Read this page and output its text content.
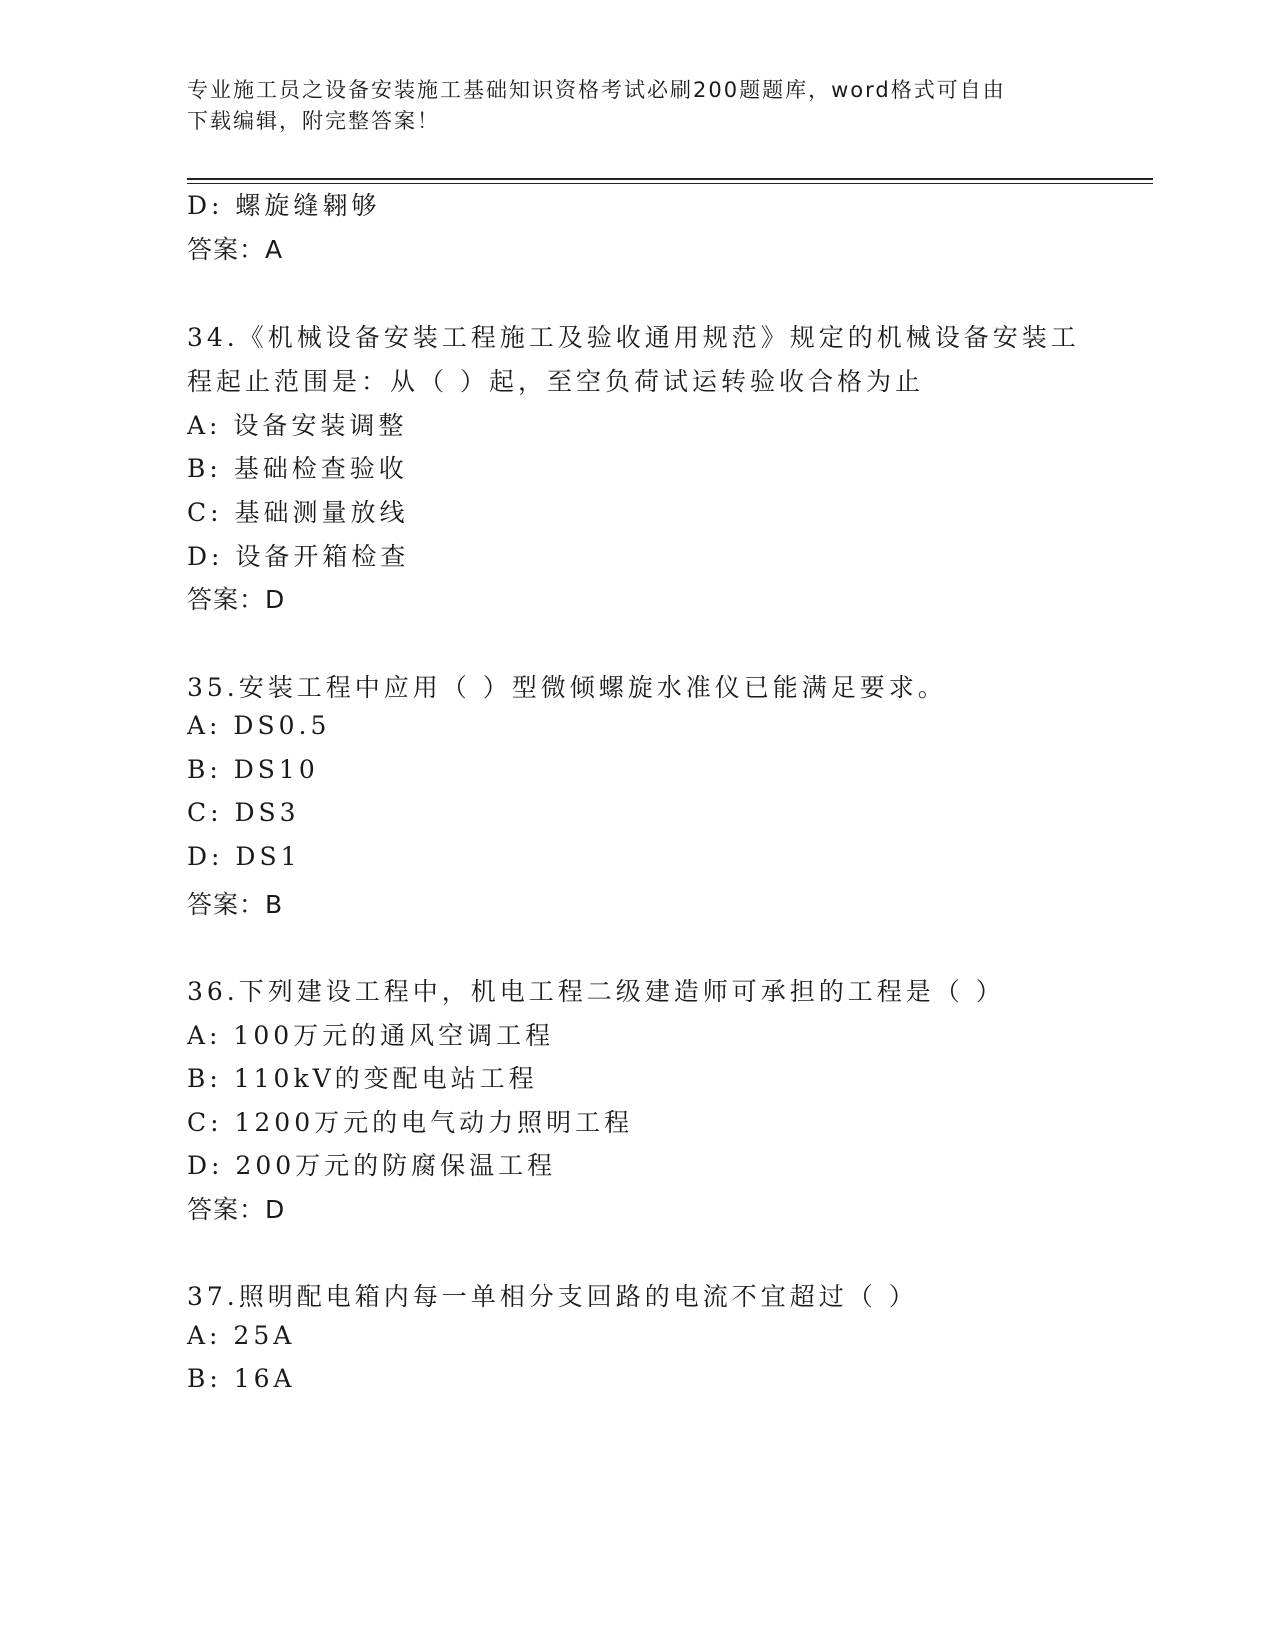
专业施工员之设备安装施工基础知识资格考试必刷200题题库，word格式可自由
下载编辑，附完整答案！
D: 螺旋缝翱够
答案：A
34.《机械设备安装工程施工及验收通用规范》规定的机械设备安装工
程起止范围是：从（ ）起，至空负荷试运转验收合格为止
A: 设备安装调整
B: 基础检查验收
C: 基础测量放线
D: 设备开箱检查
答案：D
35.安装工程中应用（ ）型微倾螺旋水准仪已能满足要求。
A: DS0.5
B: DS10
C: DS3
D: DS1
答案：B
36.下列建设工程中，机电工程二级建造师可承担的工程是（ ）
A: 100万元的通风空调工程
B: 110kV的变配电站工程
C: 1200万元的电气动力照明工程
D: 200万元的防腐保温工程
答案：D
37.照明配电箱内每一单相分支回路的电流不宜超过（ ）
A: 25A
B: 16A
